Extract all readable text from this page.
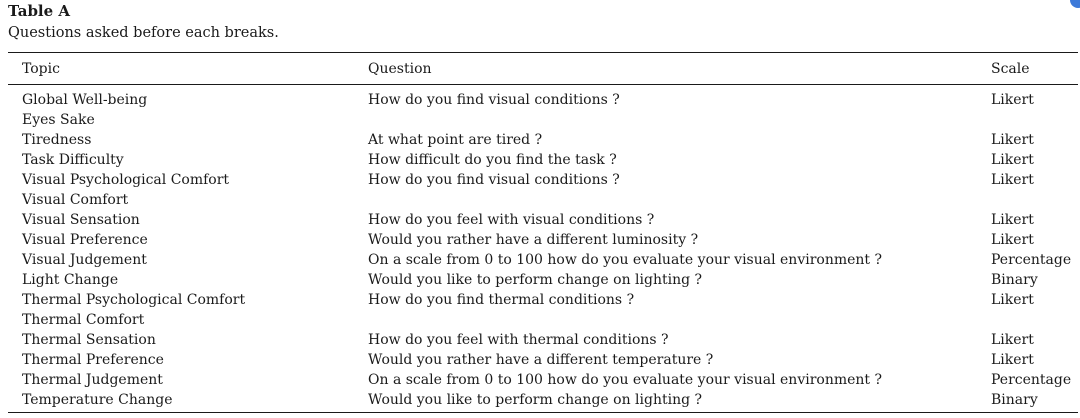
Table A

Questions asked before each breaks.

Topic	Question	Scale
Global Well-being	How do you find visual conditions ?	Likert
Eyes Sake
Tiredness	At what point are tired ?	Likert
Task Difficulty	How difficult do you find the task ?	Likert
Visual Psychological Comfort	How do you find visual conditions ?	Likert
Visual Comfort
Visual Sensation	How do you feel with visual conditions ?	Likert
Visual Preference	Would you rather have a different luminosity ?	Likert
Visual Judgement	On a scale from 0 to 100 how do you evaluate your visual environment ?	Percentage
Light Change	Would you like to perform change on lighting ?	Binary
Thermal Psychological Comfort	How do you find thermal conditions ?	Likert
Thermal Comfort
Thermal Sensation	How do you feel with thermal conditions ?	Likert
Thermal Preference	Would you rather have a different temperature ?	Likert
Thermal Judgement	On a scale from 0 to 100 how do you evaluate your visual environment ?	Percentage
Temperature Change	Would you like to perform change on lighting ?	Binary
